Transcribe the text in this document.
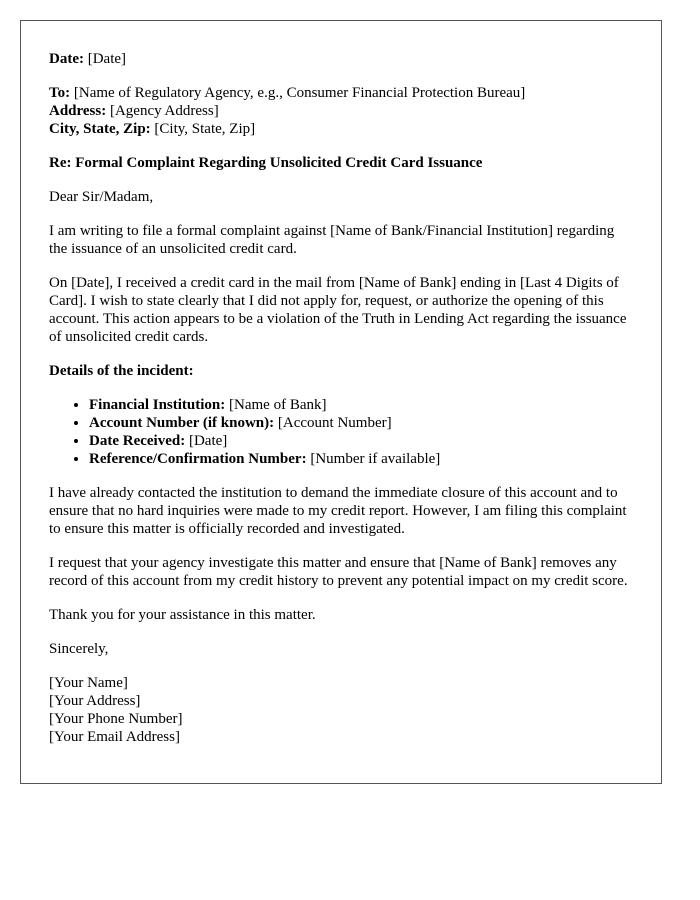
Date: [Date]

To: [Name of Regulatory Agency, e.g., Consumer Financial Protection Bureau]
Address: [Agency Address]
City, State, Zip: [City, State, Zip]

Re: Formal Complaint Regarding Unsolicited Credit Card Issuance

Dear Sir/Madam,

I am writing to file a formal complaint against [Name of Bank/Financial Institution] regarding the issuance of an unsolicited credit card.

On [Date], I received a credit card in the mail from [Name of Bank] ending in [Last 4 Digits of Card]. I wish to state clearly that I did not apply for, request, or authorize the opening of this account. This action appears to be a violation of the Truth in Lending Act regarding the issuance of unsolicited credit cards.

Details of the incident:

• Financial Institution: [Name of Bank]
• Account Number (if known): [Account Number]
• Date Received: [Date]
• Reference/Confirmation Number: [Number if available]

I have already contacted the institution to demand the immediate closure of this account and to ensure that no hard inquiries were made to my credit report. However, I am filing this complaint to ensure this matter is officially recorded and investigated.

I request that your agency investigate this matter and ensure that [Name of Bank] removes any record of this account from my credit history to prevent any potential impact on my credit score.

Thank you for your assistance in this matter.

Sincerely,

[Your Name]
[Your Address]
[Your Phone Number]
[Your Email Address]
